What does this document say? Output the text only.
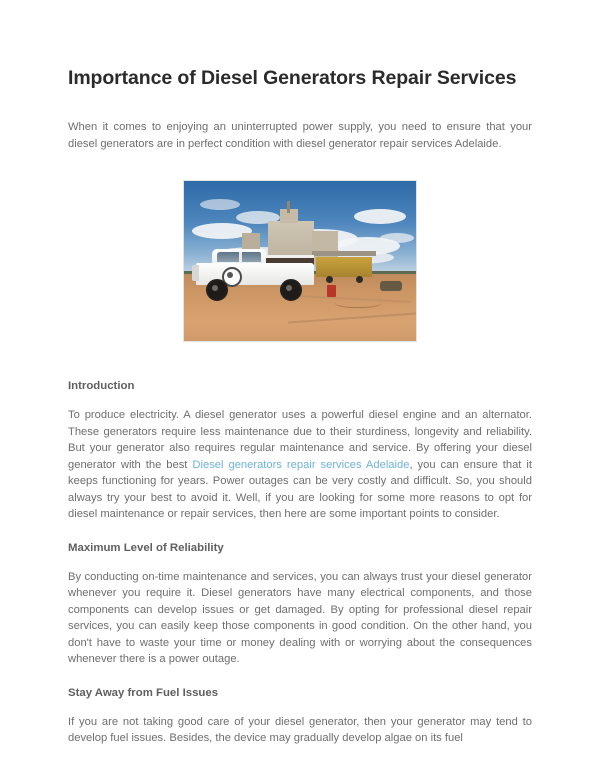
Importance of Diesel Generators Repair Services

When it comes to enjoying an uninterrupted power supply, you need to ensure that your diesel generators are in perfect condition with diesel generator repair services Adelaide.

Introduction

To produce electricity. A diesel generator uses a powerful diesel engine and an alternator. These generators require less maintenance due to their sturdiness, longevity and reliability. But your generator also requires regular maintenance and service. By offering your diesel generator with the best Diesel generators repair services Adelaide, you can ensure that it keeps functioning for years. Power outages can be very costly and difficult. So, you should always try your best to avoid it. Well, if you are looking for some more reasons to opt for diesel maintenance or repair services, then here are some important points to consider.

Maximum Level of Reliability

By conducting on-time maintenance and services, you can always trust your diesel generator whenever you require it. Diesel generators have many electrical components, and those components can develop issues or get damaged. By opting for professional diesel repair services, you can easily keep those components in good condition. On the other hand, you don't have to waste your time or money dealing with or worrying about the consequences whenever there is a power outage.

Stay Away from Fuel Issues

If you are not taking good care of your diesel generator, then your generator may tend to develop fuel issues. Besides, the device may gradually develop algae on its fuel
